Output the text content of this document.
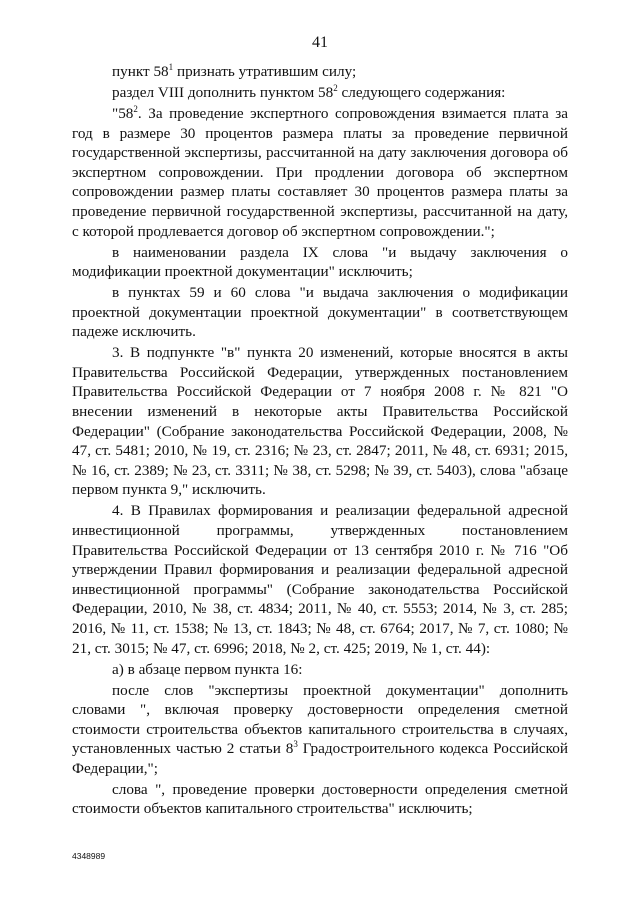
41

пункт $58^1$ признать утратившим силу;

раздел VIII дополнить пунктом $58^2$ следующего содержания:

"$58^2$. За проведение экспертного сопровождения взимается плата за год в размере 30 процентов размера платы за проведение первичной государственной экспертизы, рассчитанной на дату заключения договора об экспертном сопровождении. При продлении договора об экспертном сопровождении размер платы составляет 30 процентов размера платы за проведение первичной государственной экспертизы, рассчитанной на дату, с которой продлевается договор об экспертном сопровождении.";

в наименовании раздела IX слова "и выдачу заключения о модификации проектной документации" исключить;

в пунктах 59 и 60 слова "и выдача заключения о модификации проектной документации проектной документации" в соответствующем падеже исключить.

3. В подпункте "в" пункта 20 изменений, которые вносятся в акты Правительства Российской Федерации, утвержденных постановлением Правительства Российской Федерации от 7 ноября 2008 г. № 821 "О внесении изменений в некоторые акты Правительства Российской Федерации" (Собрание законодательства Российской Федерации, 2008, № 47, ст. 5481; 2010, № 19, ст. 2316; № 23, ст. 2847; 2011, № 48, ст. 6931; 2015, № 16, ст. 2389; № 23, ст. 3311; № 38, ст. 5298; № 39, ст. 5403), слова "абзаце первом пункта 9," исключить.

4. В Правилах формирования и реализации федеральной адресной инвестиционной программы, утвержденных постановлением Правительства Российской Федерации от 13 сентября 2010 г. № 716 "Об утверждении Правил формирования и реализации федеральной адресной инвестиционной программы" (Собрание законодательства Российской Федерации, 2010, № 38, ст. 4834; 2011, № 40, ст. 5553; 2014, № 3, ст. 285; 2016, № 11, ст. 1538; № 13, ст. 1843; № 48, ст. 6764; 2017, № 7, ст. 1080; № 21, ст. 3015; № 47, ст. 6996; 2018, № 2, ст. 425; 2019, № 1, ст. 44):

а) в абзаце первом пункта 16:

после слов "экспертизы проектной документации" дополнить словами ", включая проверку достоверности определения сметной стоимости строительства объектов капитального строительства в случаях, установленных частью 2 статьи $8^3$ Градостроительного кодекса Российской Федерации,";

слова ", проведение проверки достоверности определения сметной стоимости объектов капитального строительства" исключить;

4348989
